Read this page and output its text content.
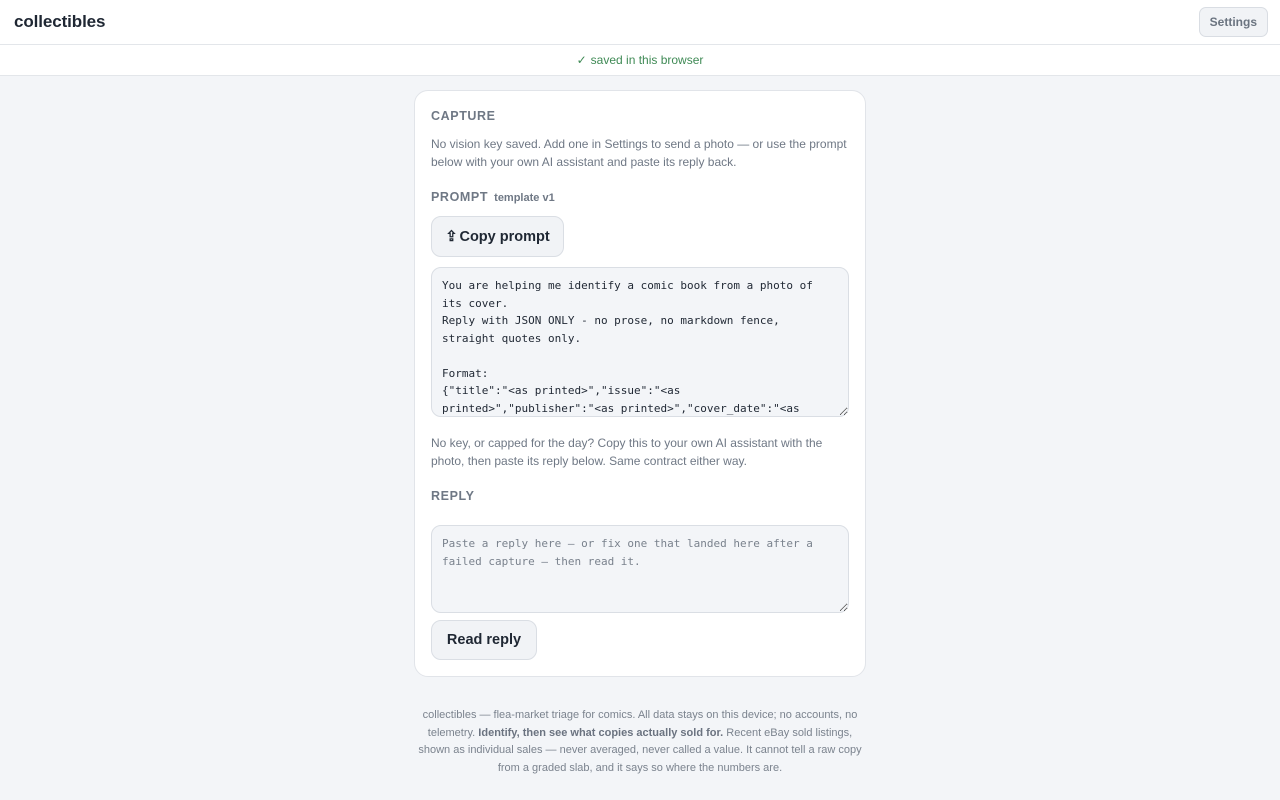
collectibles	Settings
✓ saved in this browser
CAPTURE

No vision key saved. Add one in Settings to send a photo — or use the prompt below with your own AI assistant and paste its reply back.

PROMPT template v1
⇪ Copy prompt
You are helping me identify a comic book from a photo of its cover. Reply with JSON ONLY - no prose, no markdown fence, straight quotes only. Format: {"title":"<as printed>","issue":"<as printed>","publisher":"<as printed>","cover_date":"<as printed>","cover_price":"<as printed>"}

No key, or capped for the day? Copy this to your own AI assistant with the photo, then paste its reply below. Same contract either way.

REPLY
Paste a reply here — or fix one that landed here after a failed capture — then read it.
Read reply
collectibles — flea-market triage for comics. All data stays on this device; no accounts, no telemetry. Identify, then see what copies actually sold for. Recent eBay sold listings, shown as individual sales — never averaged, never called a value. It cannot tell a raw copy from a graded slab, and it says so where the numbers are.
